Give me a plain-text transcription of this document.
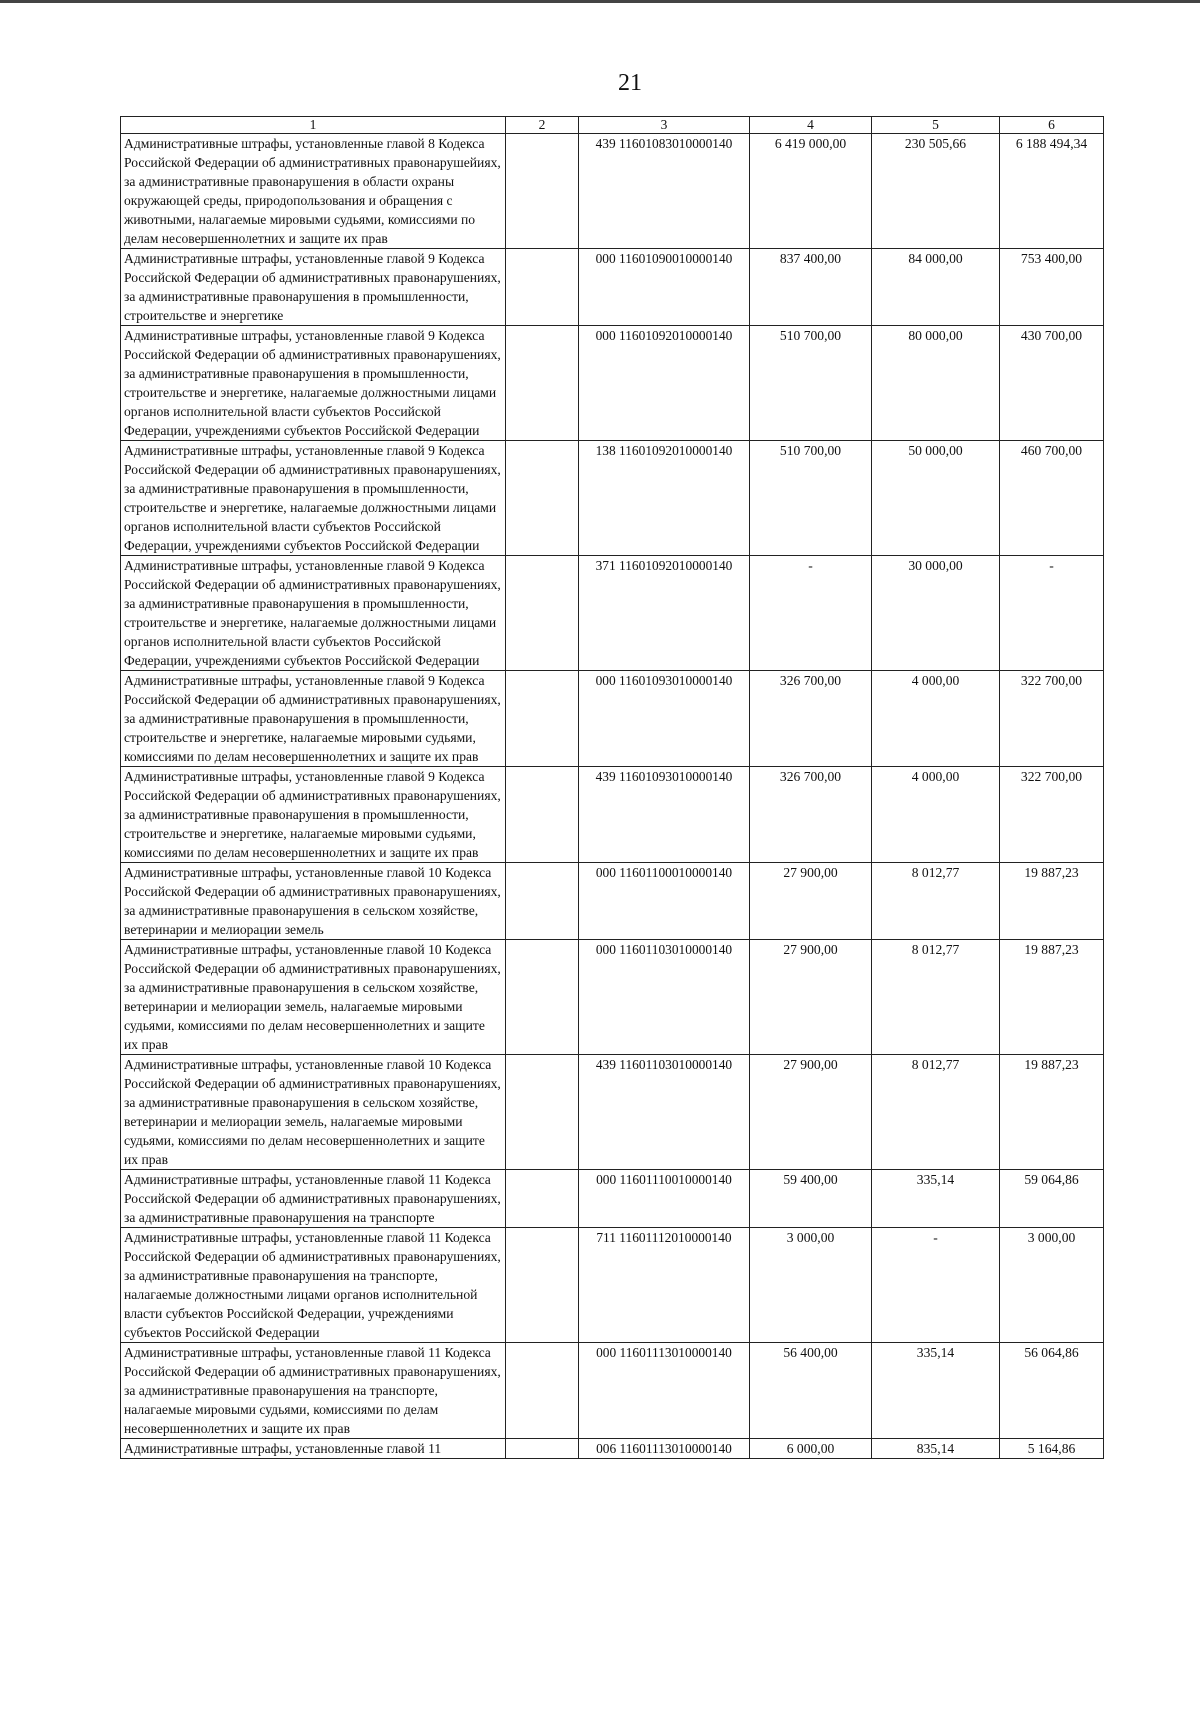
21
1	2	3	4	5	6
Административные штрафы, установленные главой 8 Кодекса Российской Федерации об административных правонарушейиях, за административные правонарушения в области охраны окружающей среды, природопользования и обращения с животными, налагаемые мировыми судьями, комиссиями по делам несовершеннолетних и защите их прав		439 11601083010000140	6 419 000,00	230 505,66	6 188 494,34
Административные штрафы, установленные главой 9 Кодекса Российской Федерации об административных правонарушениях, за административные правонарушения в промышленности, строительстве и энергетике		000 11601090010000140	837 400,00	84 000,00	753 400,00
Административные штрафы, установленные главой 9 Кодекса Российской Федерации об административных правонарушениях, за административные правонарушения в промышленности, строительстве и энергетике, налагаемые должностными лицами органов исполнительной власти субъектов Российской Федерации, учреждениями субъектов Российской Федерации		000 11601092010000140	510 700,00	80 000,00	430 700,00
Административные штрафы, установленные главой 9 Кодекса Российской Федерации об административных правонарушениях, за административные правонарушения в промышленности, строительстве и энергетике, налагаемые должностными лицами органов исполнительной власти субъектов Российской Федерации, учреждениями субъектов Российской Федерации		138 11601092010000140	510 700,00	50 000,00	460 700,00
Административные штрафы, установленные главой 9 Кодекса Российской Федерации об административных правонарушениях, за административные правонарушения в промышленности, строительстве и энергетике, налагаемые должностными лицами органов исполнительной власти субъектов Российской Федерации, учреждениями субъектов Российской Федерации		371 11601092010000140	-	30 000,00	-
Административные штрафы, установленные главой 9 Кодекса Российской Федерации об административных правонарушениях, за административные правонарушения в промышленности, строительстве и энергетике, налагаемые мировыми судьями, комиссиями по делам несовершеннолетних и защите их прав		000 11601093010000140	326 700,00	4 000,00	322 700,00
Административные штрафы, установленные главой 9 Кодекса Российской Федерации об административных правонарушениях, за административные правонарушения в промышленности, строительстве и энергетике, налагаемые мировыми судьями, комиссиями по делам несовершеннолетних и защите их прав		439 11601093010000140	326 700,00	4 000,00	322 700,00
Административные штрафы, установленные главой 10 Кодекса Российской Федерации об административных правонарушениях, за административные правонарушения в сельском хозяйстве, ветеринарии и мелиорации земель		000 11601100010000140	27 900,00	8 012,77	19 887,23
Административные штрафы, установленные главой 10 Кодекса Российской Федерации об административных правонарушениях, за административные правонарушения в сельском хозяйстве, ветеринарии и мелиорации земель, налагаемые мировыми судьями, комиссиями по делам несовершеннолетних и защите их прав		000 11601103010000140	27 900,00	8 012,77	19 887,23
Административные штрафы, установленные главой 10 Кодекса Российской Федерации об административных правонарушениях, за административные правонарушения в сельском хозяйстве, ветеринарии и мелиорации земель, налагаемые мировыми судьями, комиссиями по делам несовершеннолетних и защите их прав		439 11601103010000140	27 900,00	8 012,77	19 887,23
Административные штрафы, установленные главой 11 Кодекса Российской Федерации об административных правонарушениях, за административные правонарушения на транспорте		000 11601110010000140	59 400,00	335,14	59 064,86
Административные штрафы, установленные главой 11 Кодекса Российской Федерации об административных правонарушениях, за административные правонарушения на транспорте, налагаемые должностными лицами органов исполнительной власти субъектов Российской Федерации, учреждениями субъектов Российской Федерации		711 11601112010000140	3 000,00	-	3 000,00
Административные штрафы, установленные главой 11 Кодекса Российской Федерации об административных правонарушениях, за административные правонарушения на транспорте, налагаемые мировыми судьями, комиссиями по делам несовершеннолетних и защите их прав		000 11601113010000140	56 400,00	335,14	56 064,86
Административные штрафы, установленные главой 11		006 11601113010000140	6 000,00	835,14	5 164,86
